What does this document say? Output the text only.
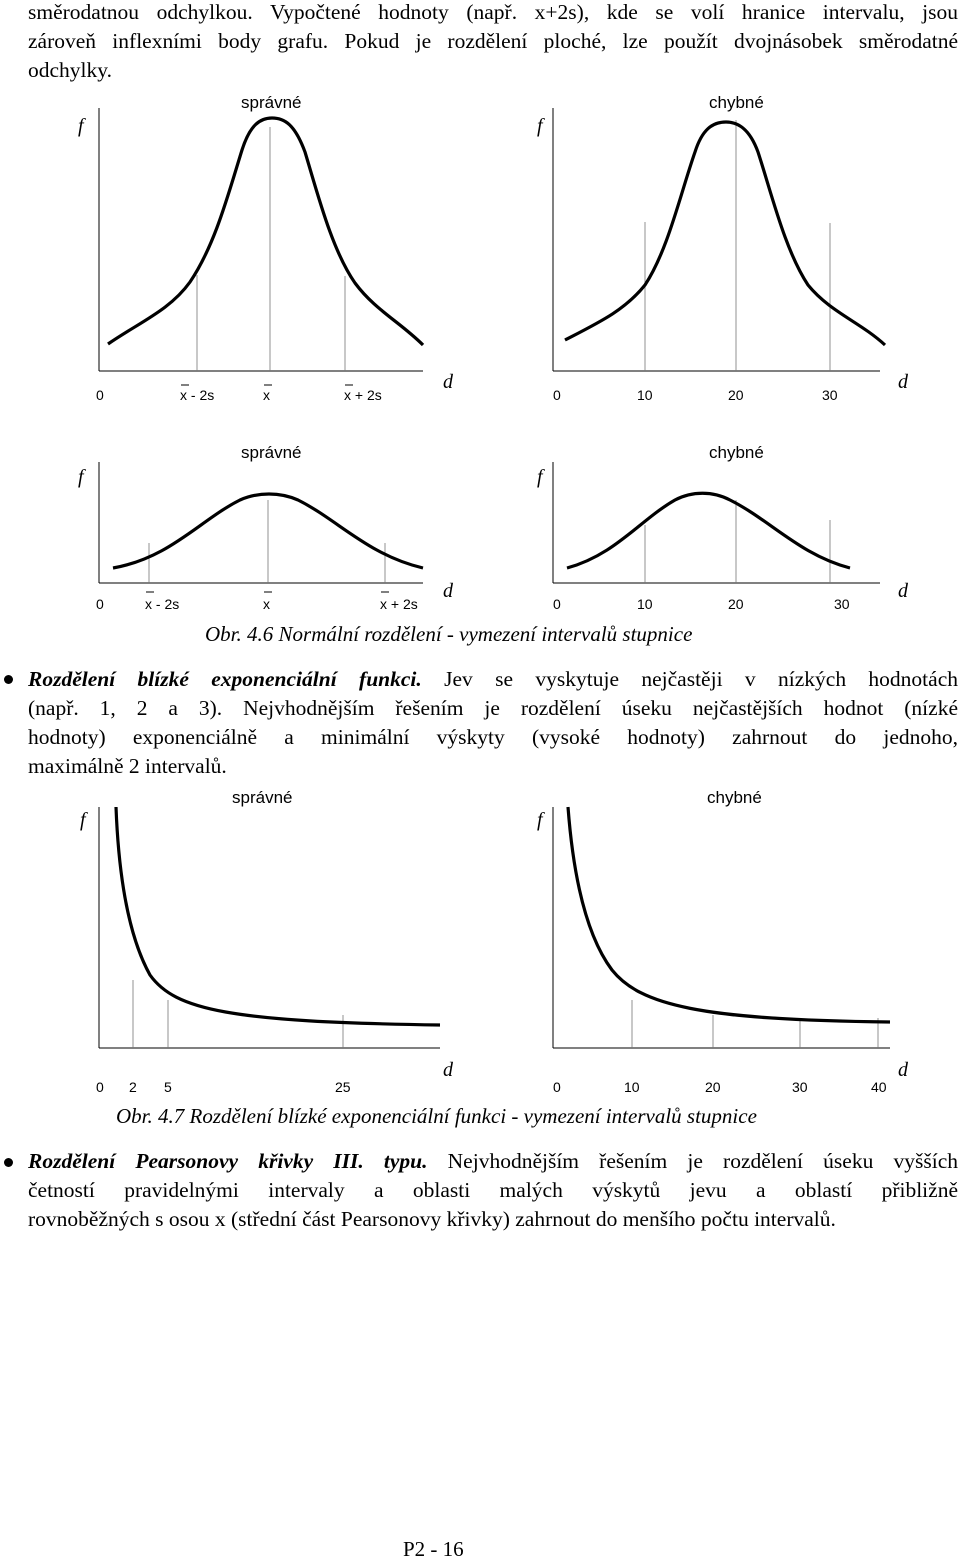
směrodatnou odchylkou. Vypočtené hodnoty (např. x+2s), kde se volí hranice intervalu, jsou
zároveň inflexními body grafu. Pokud je rozdělení ploché, lze použít dvojnásobek směrodatné
odchylky.
správné	chybné
f	f
d	d
0	x - 2s	x	x + 2s	0	10	20	30
správné	chybné
f	f
d	d
0	x - 2s	x	x + 2s	0	10	20	30
správné	chybné
f	f
d	d
0 2 5	25	0	10	20	30	40
Obr. 4.6 Normální rozdělení - vymezení intervalů stupnice
Rozdělení blízké exponenciální funkci. Jev se vyskytuje nejčastěji v nízkých hodnotách
(např. 1, 2 a 3). Nejvhodnějším řešením je rozdělení úseku nejčastějších hodnot (nízké
hodnoty) exponenciálně a minimální výskyty (vysoké hodnoty) zahrnout do jednoho,
maximálně 2 intervalů.
Obr. 4.7 Rozdělení blízké exponenciální funkci - vymezení intervalů stupnice
Rozdělení Pearsonovy křivky III. typu. Nejvhodnějším řešením je rozdělení úseku vyšších
četností pravidelnými intervaly a oblasti malých výskytů jevu a oblastí přibližně
rovnoběžných s osou x (střední část Pearsonovy křivky) zahrnout do menšího počtu intervalů.
P2 - 16
